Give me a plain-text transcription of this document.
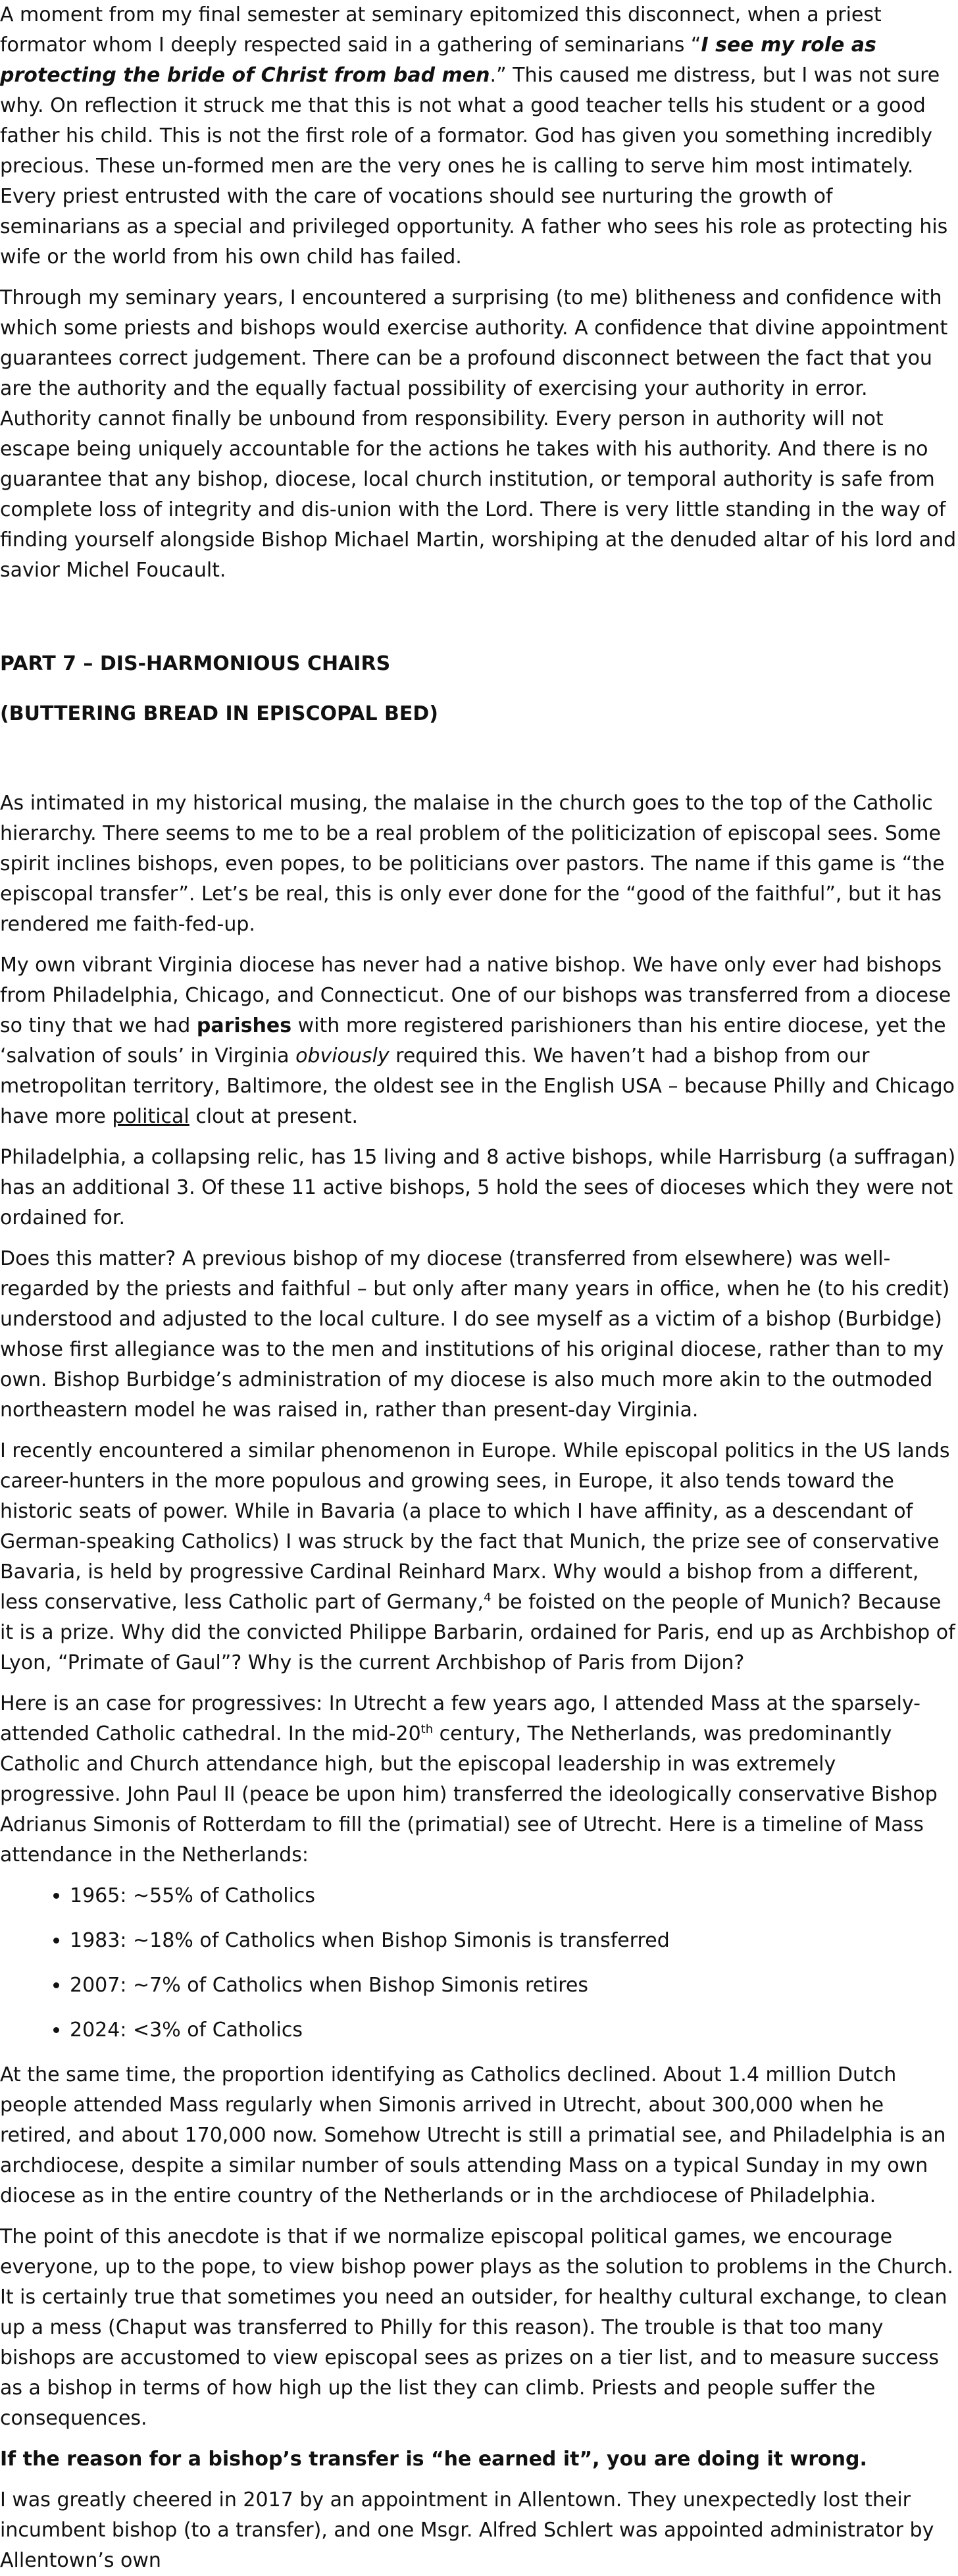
A moment from my final semester at seminary epitomized this disconnect, when a priest formator whom I deeply respected said in a gathering of seminarians “I see my role as protecting the bride of Christ from bad men.” This caused me distress, but I was not sure why. On reflection it struck me that this is not what a good teacher tells his student or a good father his child. This is not the first role of a formator. God has given you something incredibly precious. These un-formed men are the very ones he is calling to serve him most intimately. Every priest entrusted with the care of vocations should see nurturing the growth of seminarians as a special and privileged opportunity. A father who sees his role as protecting his wife or the world from his own child has failed.

Through my seminary years, I encountered a surprising (to me) blitheness and confidence with which some priests and bishops would exercise authority. A confidence that divine appointment guarantees correct judgement. There can be a profound disconnect between the fact that you are the authority and the equally factual possibility of exercising your authority in error. Authority cannot finally be unbound from responsibility. Every person in authority will not escape being uniquely accountable for the actions he takes with his authority. And there is no guarantee that any bishop, diocese, local church institution, or temporal authority is safe from complete loss of integrity and dis-union with the Lord. There is very little standing in the way of finding yourself alongside Bishop Michael Martin, worshiping at the denuded altar of his lord and savior Michel Foucault.

PART 7 – DIS-HARMONIOUS CHAIRS
(BUTTERING BREAD IN EPISCOPAL BED)

As intimated in my historical musing, the malaise in the church goes to the top of the Catholic hierarchy. There seems to me to be a real problem of the politicization of episcopal sees. Some spirit inclines bishops, even popes, to be politicians over pastors. The name if this game is “the episcopal transfer”. Let’s be real, this is only ever done for the “good of the faithful”, but it has rendered me faith-fed-up.

My own vibrant Virginia diocese has never had a native bishop. We have only ever had bishops from Philadelphia, Chicago, and Connecticut. One of our bishops was transferred from a diocese so tiny that we had parishes with more registered parishioners than his entire diocese, yet the ‘salvation of souls’ in Virginia obviously required this. We haven’t had a bishop from our metropolitan territory, Baltimore, the oldest see in the English USA – because Philly and Chicago have more political clout at present.

Philadelphia, a collapsing relic, has 15 living and 8 active bishops, while Harrisburg (a suffragan) has an additional 3. Of these 11 active bishops, 5 hold the sees of dioceses which they were not ordained for.

Does this matter? A previous bishop of my diocese (transferred from elsewhere) was well-regarded by the priests and faithful – but only after many years in office, when he (to his credit) understood and adjusted to the local culture. I do see myself as a victim of a bishop (Burbidge) whose first allegiance was to the men and institutions of his original diocese, rather than to my own. Bishop Burbidge’s administration of my diocese is also much more akin to the outmoded northeastern model he was raised in, rather than present-day Virginia.

I recently encountered a similar phenomenon in Europe. While episcopal politics in the US lands career-hunters in the more populous and growing sees, in Europe, it also tends toward the historic seats of power. While in Bavaria (a place to which I have affinity, as a descendant of German-speaking Catholics) I was struck by the fact that Munich, the prize see of conservative Bavaria, is held by progressive Cardinal Reinhard Marx. Why would a bishop from a different, less conservative, less Catholic part of Germany,$^4$ be foisted on the people of Munich? Because it is a prize. Why did the convicted Philippe Barbarin, ordained for Paris, end up as Archbishop of Lyon, “Primate of Gaul”? Why is the current Archbishop of Paris from Dijon?

Here is an case for progressives: In Utrecht a few years ago, I attended Mass at the sparsely-attended Catholic cathedral. In the mid-20th century, The Netherlands, was predominantly Catholic and Church attendance high, but the episcopal leadership in was extremely progressive. John Paul II (peace be upon him) transferred the ideologically conservative Bishop Adrianus Simonis of Rotterdam to fill the (primatial) see of Utrecht. Here is a timeline of Mass attendance in the Netherlands:

• 1965: ~55% of Catholics
• 1983: ~18% of Catholics when Bishop Simonis is transferred
• 2007: ~7% of Catholics when Bishop Simonis retires
• 2024: <3% of Catholics

At the same time, the proportion identifying as Catholics declined. About 1.4 million Dutch people attended Mass regularly when Simonis arrived in Utrecht, about 300,000 when he retired, and about 170,000 now. Somehow Utrecht is still a primatial see, and Philadelphia is an archdiocese, despite a similar number of souls attending Mass on a typical Sunday in my own diocese as in the entire country of the Netherlands or in the archdiocese of Philadelphia.

The point of this anecdote is that if we normalize episcopal political games, we encourage everyone, up to the pope, to view bishop power plays as the solution to problems in the Church. It is certainly true that sometimes you need an outsider, for healthy cultural exchange, to clean up a mess (Chaput was transferred to Philly for this reason). The trouble is that too many bishops are accustomed to view episcopal sees as prizes on a tier list, and to measure success as a bishop in terms of how high up the list they can climb. Priests and people suffer the consequences.

If the reason for a bishop’s transfer is “he earned it”, you are doing it wrong.

I was greatly cheered in 2017 by an appointment in Allentown. They unexpectedly lost their incumbent bishop (to a transfer), and one Msgr. Alfred Schlert was appointed administrator by Allentown’s own
